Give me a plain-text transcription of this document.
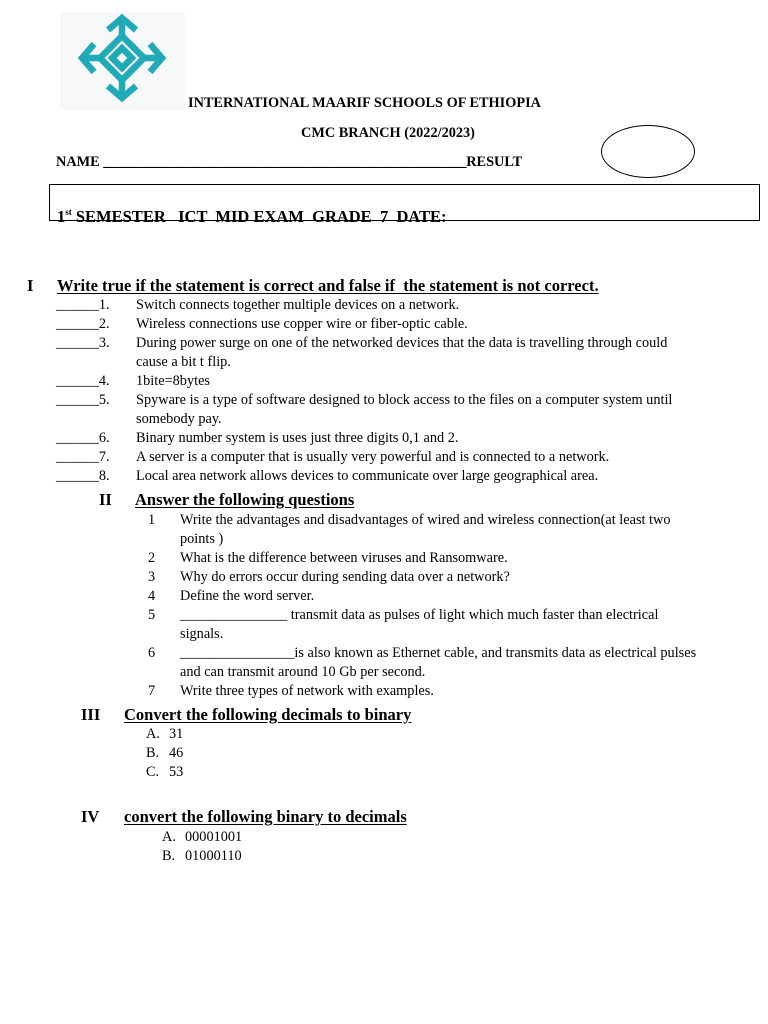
INTERNATIONAL MAARIF SCHOOLS OF ETHIOPIA
CMC BRANCH (2022/2023)
NAME _____________________________________________________RESULT
1st SEMESTER   ICT  MID EXAM  GRADE  7  DATE:
I Write true if the statement is correct and false if  the statement is not correct.
______1.	Switch connects together multiple devices on a network.
______2.	Wireless connections use copper wire or fiber-optic cable.
______3.	During power surge on one of the networked devices that the data is travelling through could
cause a bit t flip.
______4.	1bite=8bytes
______5.	Spyware is a type of software designed to block access to the files on a computer system until
somebody pay.
______6.	Binary number system is uses just three digits 0,1 and 2.
______7.	A server is a computer that is usually very powerful and is connected to a network.
______8.	Local area network allows devices to communicate over large geographical area.
II Answer the following questions
1	Write the advantages and disadvantages of wired and wireless connection(at least two
points )
2	What is the difference between viruses and Ransomware.
3	Why do errors occur during sending data over a network?
4	Define the word server.
5	_______________ transmit data as pulses of light which much faster than electrical
signals.
6	________________is also known as Ethernet cable, and transmits data as electrical pulses
and can transmit around 10 Gb per second.
7	Write three types of network with examples.
III Convert the following decimals to binary
A. 31
B. 46
C. 53
IV convert the following binary to decimals
A. 00001001
B. 01000110
